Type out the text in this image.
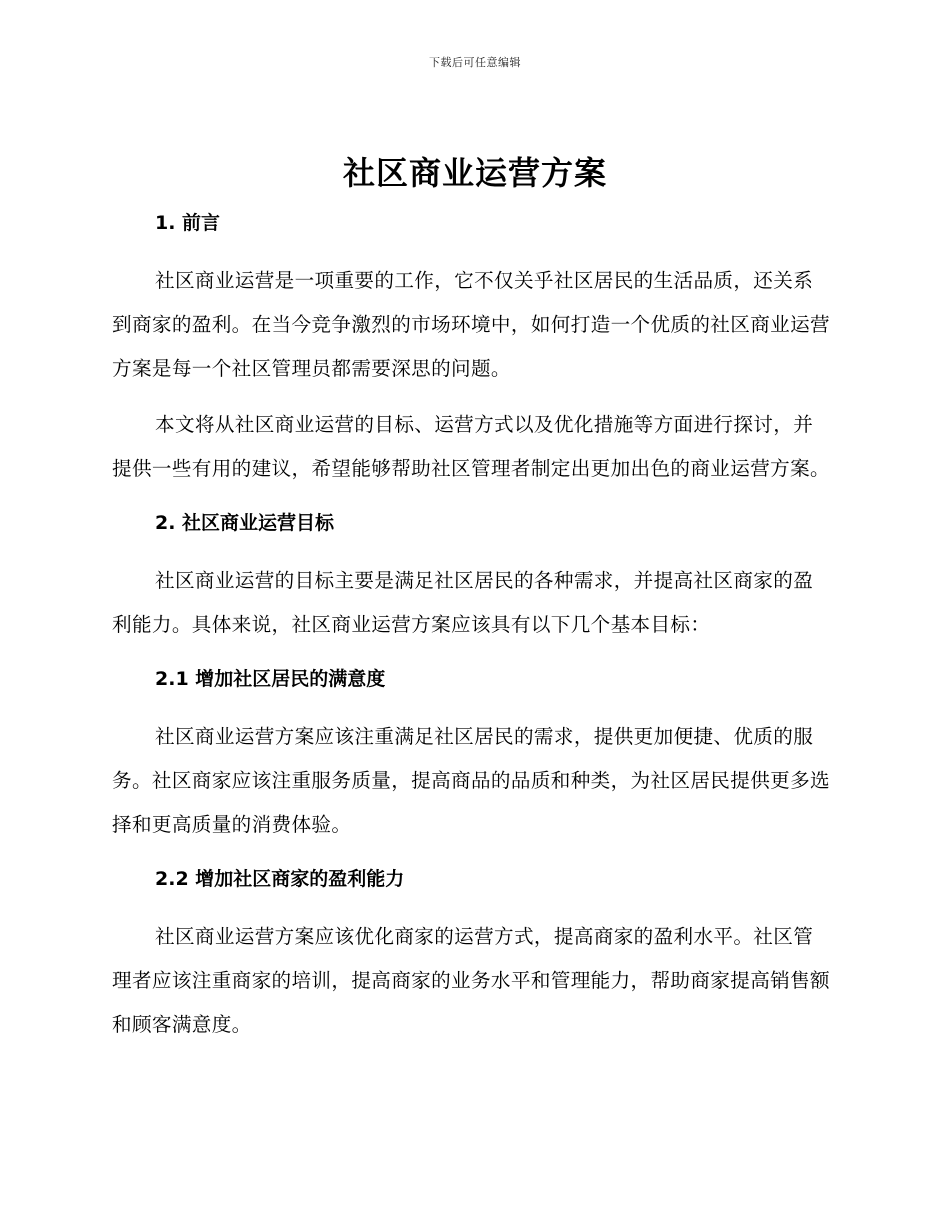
下载后可任意编辑
社区商业运营方案
1. 前言

社区商业运营是一项重要的工作，它不仅关乎社区居民的生活品质，还关系到商家的盈利。在当今竞争激烈的市场环境中，如何打造一个优质的社区商业运营方案是每一个社区管理员都需要深思的问题。

本文将从社区商业运营的目标、运营方式以及优化措施等方面进行探讨，并提供一些有用的建议，希望能够帮助社区管理者制定出更加出色的商业运营方案。

2. 社区商业运营目标

社区商业运营的目标主要是满足社区居民的各种需求，并提高社区商家的盈利能力。具体来说，社区商业运营方案应该具有以下几个基本目标：

2.1 增加社区居民的满意度

社区商业运营方案应该注重满足社区居民的需求，提供更加便捷、优质的服务。社区商家应该注重服务质量，提高商品的品质和种类，为社区居民提供更多选择和更高质量的消费体验。

2.2 增加社区商家的盈利能力

社区商业运营方案应该优化商家的运营方式，提高商家的盈利水平。社区管理者应该注重商家的培训，提高商家的业务水平和管理能力，帮助商家提高销售额和顾客满意度。
